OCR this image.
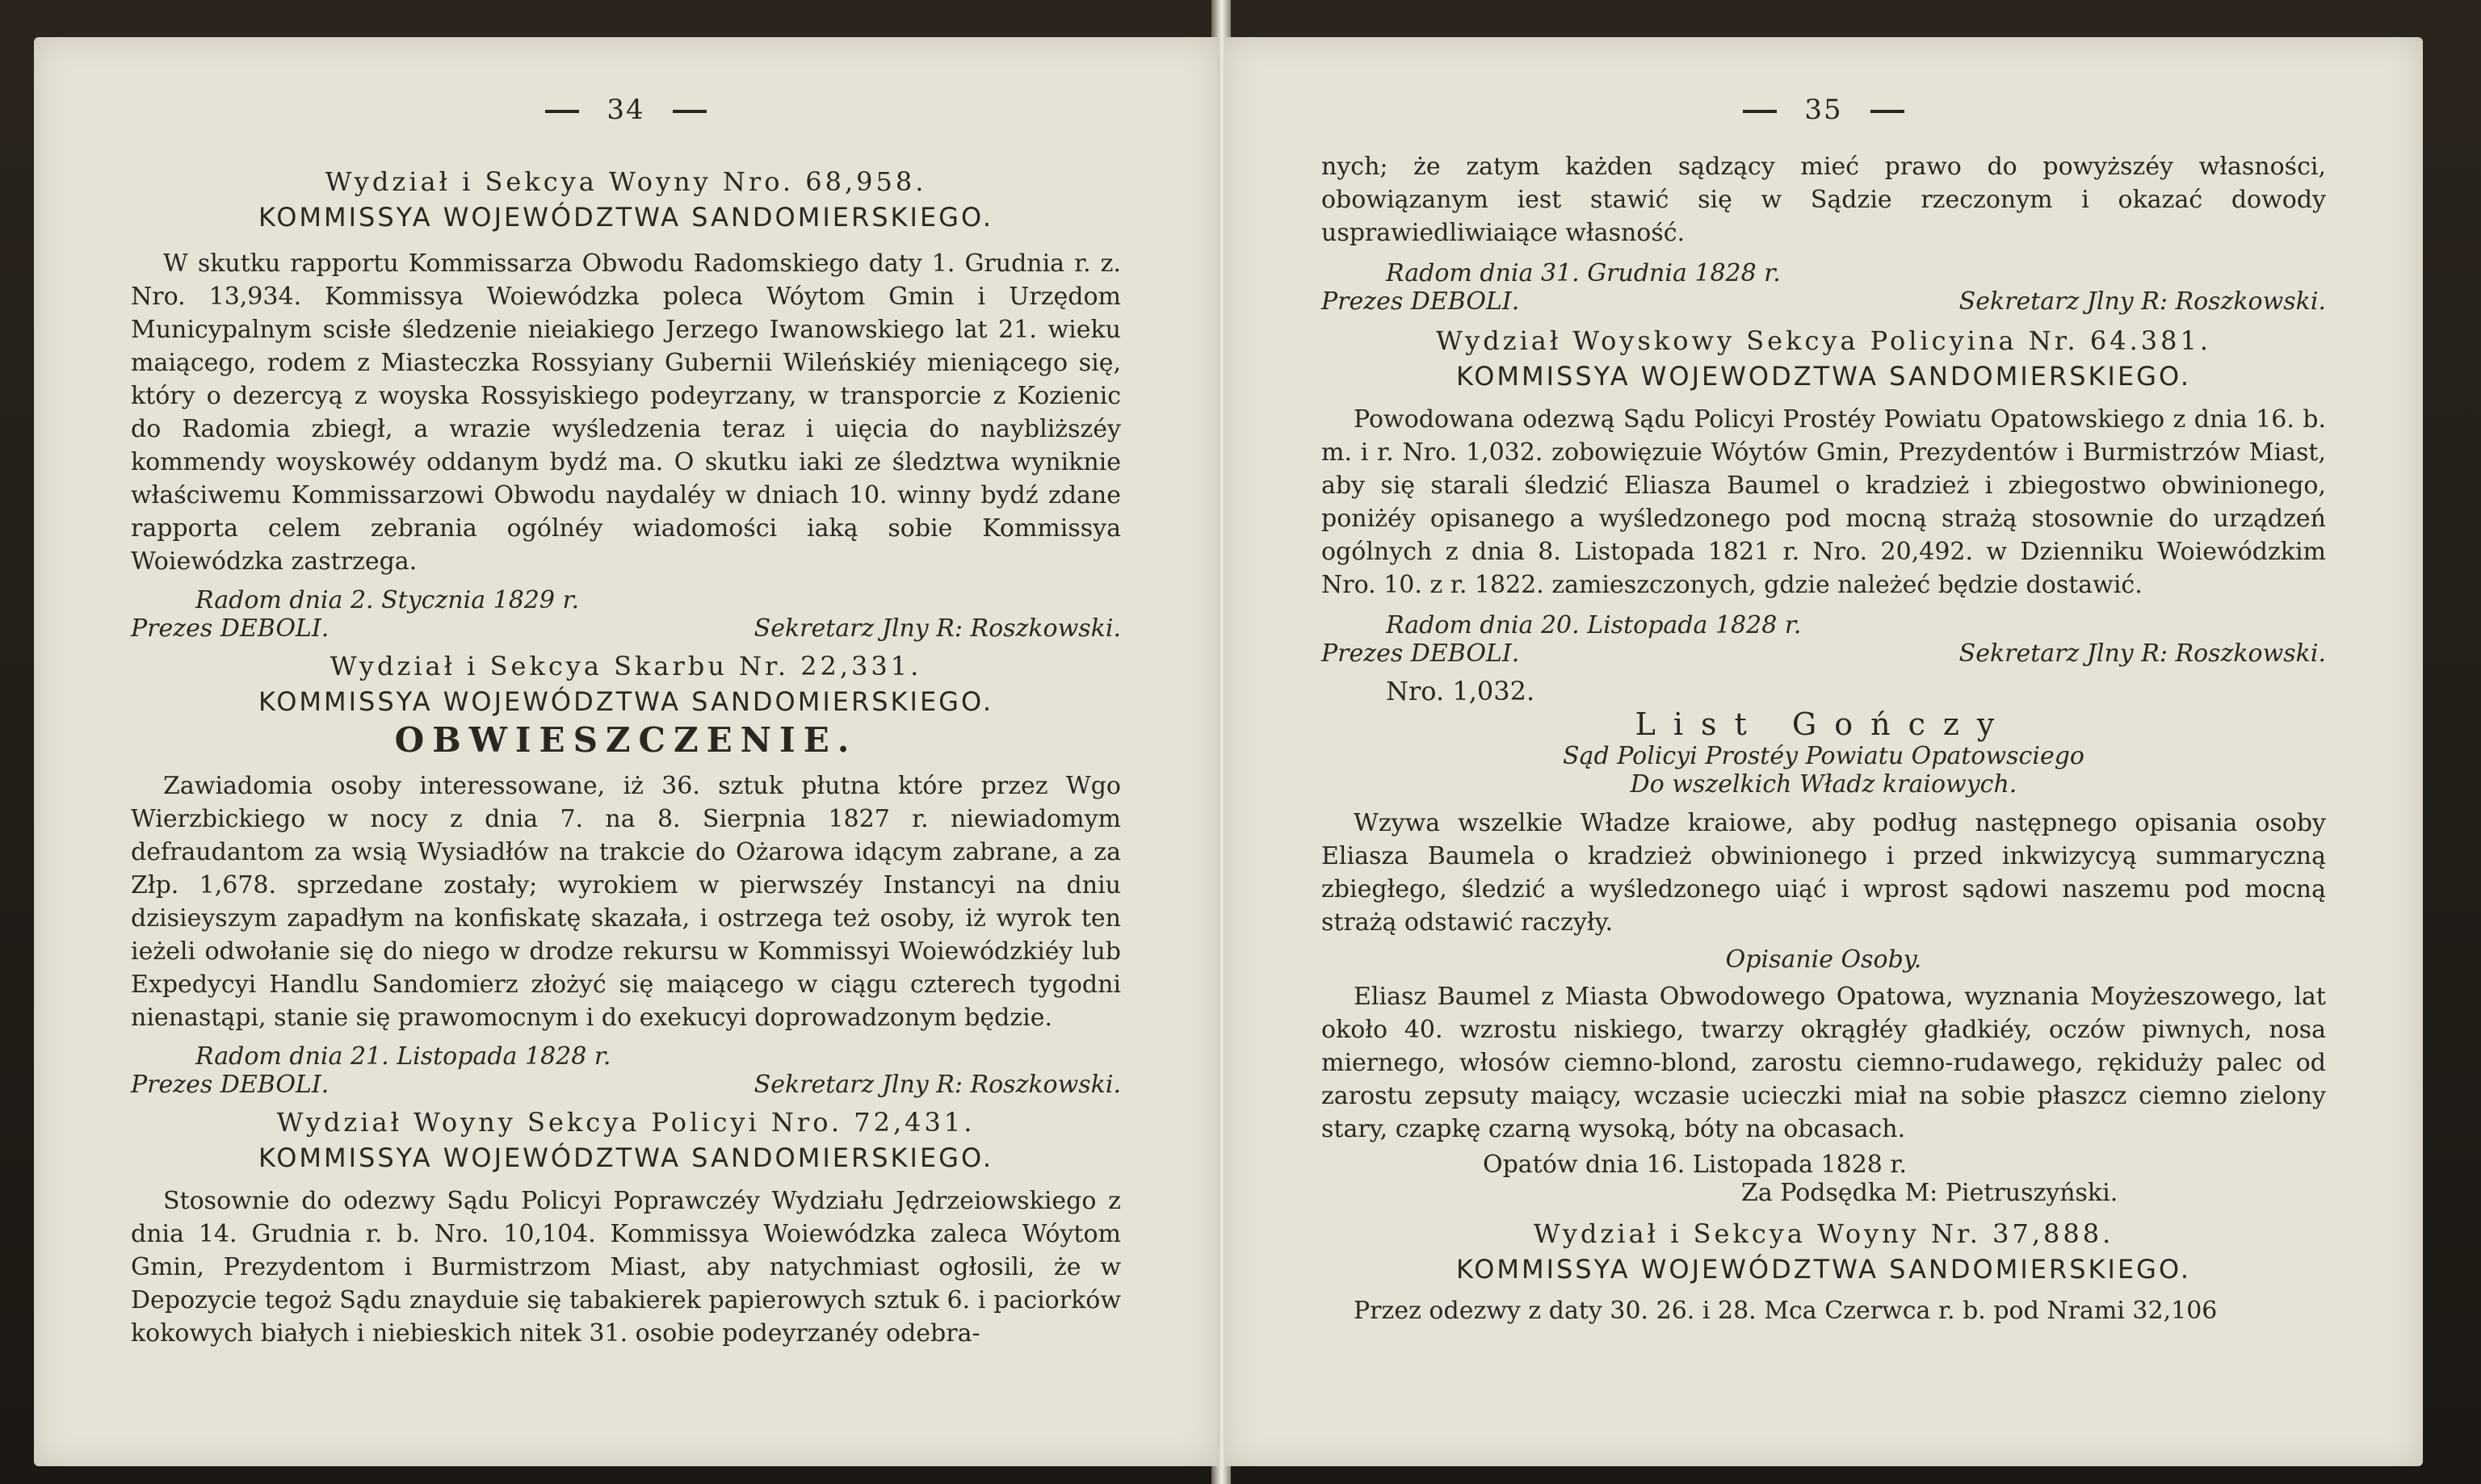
34
Wydział i Sekcya Woyny Nro. 68,958.
KOMMISSYA WOJEWÓDZTWA SANDOMIERSKIEGO.
W skutku rapportu Kommissarza Obwodu Radomskiego daty 1. Grudnia r. z. Nro. 13,934. Kommissya Woiewódzka poleca Wóytom Gmin i Urzędom Municypalnym scisłe śledzenie nieiakiego Jerzego Iwanowskiego lat 21. wieku maiącego, rodem z Miasteczka Rossyiany Gubernii Wileńskiéy mieniącego się, który o dezercyą z woyska Rossyiskiego podeyrzany, w transporcie z Kozienic do Radomia zbiegł, a wrazie wyśledzenia teraz i uięcia do naybliższéy kommendy woyskowéy oddanym bydź ma. O skutku iaki ze śledztwa wyniknie właściwemu Kommissarzowi Obwodu naydaléy w dniach 10. winny bydź zdane rapporta celem zebrania ogólnéy wiadomości iaką sobie Kommissya Woiewódzka zastrzega.
Radom dnia 2. Stycznia 1829 r.
Prezes DEBOLI.	Sekretarz Jlny R: Roszkowski.
Wydział i Sekcya Skarbu Nr. 22,331.
KOMMISSYA WOJEWÓDZTWA SANDOMIERSKIEGO.
OBWIESZCZENIE.
Zawiadomia osoby interessowane, iż 36. sztuk płutna które przez Wgo Wierzbickiego w nocy z dnia 7. na 8. Sierpnia 1827 r. niewiadomym defraudantom za wsią Wysiadłów na trakcie do Ożarowa idącym zabrane, a za Złp. 1,678. sprzedane zostały; wyrokiem w pierwszéy Instancyi na dniu dzisieyszym zapadłym na konfiskatę skazała, i ostrzega też osoby, iż wyrok ten ieżeli odwołanie się do niego w drodze rekursu w Kommissyi Woiewódzkiéy lub Expedycyi Handlu Sandomierz złożyć się maiącego w ciągu czterech tygodni nienastąpi, stanie się prawomocnym i do exekucyi doprowadzonym będzie.
Radom dnia 21. Listopada 1828 r.
Prezes DEBOLI.	Sekretarz Jlny R: Roszkowski.
Wydział Woyny Sekcya Policyi Nro. 72,431.
KOMMISSYA WOJEWÓDZTWA SANDOMIERSKIEGO.
Stosownie do odezwy Sądu Policyi Poprawczéy Wydziału Jędrzeiowskiego z dnia 14. Grudnia r. b. Nro. 10,104. Kommissya Woiewódzka zaleca Wóytom Gmin, Prezydentom i Burmistrzom Miast, aby natychmiast ogłosili, że w Depozycie tegoż Sądu znayduie się tabakierek papierowych sztuk 6. i paciorków kokowych białych i niebieskich nitek 31. osobie podeyrzanéy odebra-
35
nych; że zatym każden sądzący mieć prawo do powyższéy własności, obowiązanym iest stawić się w Sądzie rzeczonym i okazać dowody usprawiedliwiaiące własność.
Radom dnia 31. Grudnia 1828 r.
Prezes DEBOLI.	Sekretarz Jlny R: Roszkowski.
Wydział Woyskowy Sekcya Policyina Nr. 64.381.
KOMMISSYA WOJEWODZTWA SANDOMIERSKIEGO.
Powodowana odezwą Sądu Policyi Prostéy Powiatu Opatowskiego z dnia 16. b. m. i r. Nro. 1,032. zobowięzuie Wóytów Gmin, Prezydentów i Burmistrzów Miast, aby się starali śledzić Eliasza Baumel o kradzież i zbiegostwo obwinionego, poniżéy opisanego a wyśledzonego pod mocną strażą stosownie do urządzeń ogólnych z dnia 8. Listopada 1821 r. Nro. 20,492. w Dzienniku Woiewódzkim Nro. 10. z r. 1822. zamieszczonych, gdzie należeć będzie dostawić.
Radom dnia 20. Listopada 1828 r.
Prezes DEBOLI.	Sekretarz Jlny R: Roszkowski.
Nro. 1,032.
List Gończy
Sąd Policyi Prostéy Powiatu Opatowsciego
Do wszelkich Władz kraiowych.
Wzywa wszelkie Władze kraiowe, aby podług następnego opisania osoby Eliasza Baumela o kradzież obwinionego i przed inkwizycyą summaryczną zbiegłego, śledzić a wyśledzonego uiąć i wprost sądowi naszemu pod mocną strażą odstawić raczyły.
Opisanie Osoby.
Eliasz Baumel z Miasta Obwodowego Opatowa, wyznania Moyżeszowego, lat około 40. wzrostu niskiego, twarzy okrągłéy gładkiéy, oczów piwnych, nosa miernego, włosów ciemno-blond, zarostu ciemno-rudawego, rękiduży palec od zarostu zepsuty maiący, wczasie ucieczki miał na sobie płaszcz ciemno zielony stary, czapkę czarną wysoką, bóty na obcasach.
Opatów dnia 16. Listopada 1828 r.
Za Podsędka M: Pietruszyński.
Wydział i Sekcya Woyny Nr. 37,888.
KOMMISSYA WOJEWÓDZTWA SANDOMIERSKIEGO.
Przez odezwy z daty 30. 26. i 28. Mca Czerwca r. b. pod Nrami 32,106
